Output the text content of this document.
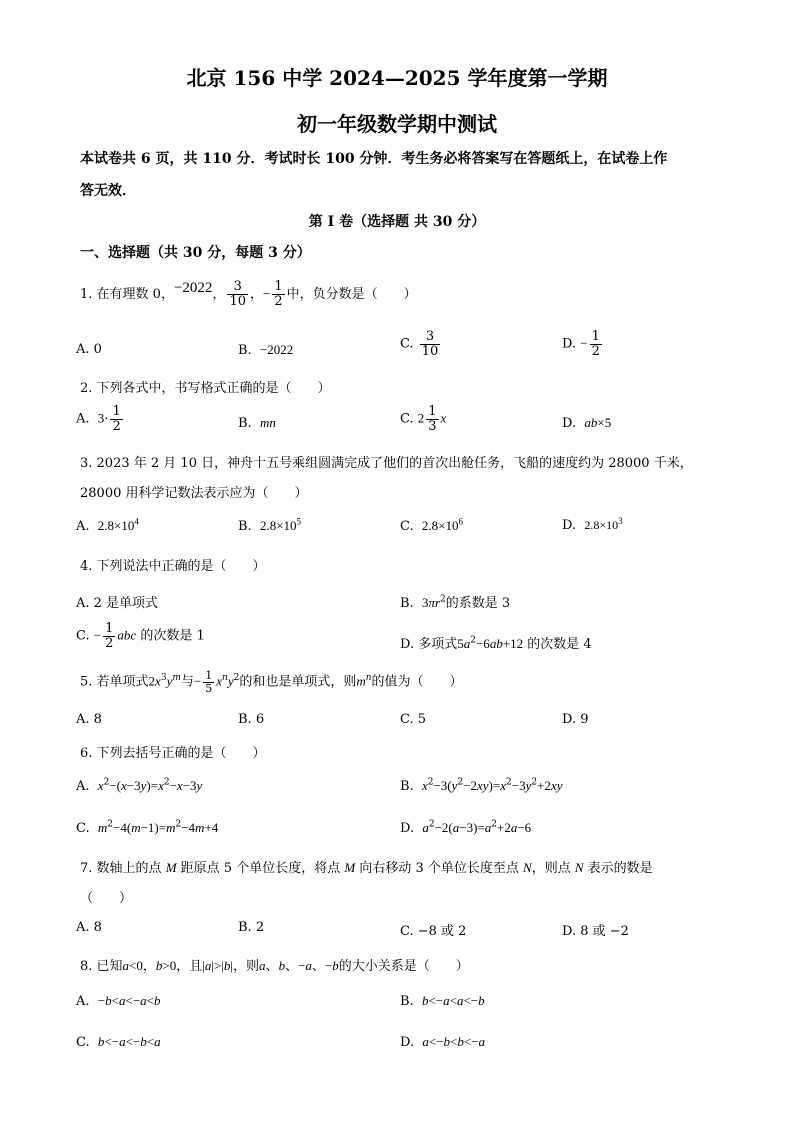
北京 156 中学 2024—2025 学年度第一学期
初一年级数学期中测试
本试卷共 6 页，共 110 分．考试时长 100 分钟．考生务必将答案写在答题纸上，在试卷上作
答无效．
第 I 卷（选择题 共 30 分）
一、选择题（共 30 分，每题 3 分）
1. 在有理数 0，−2022， $\frac{3}{10}$ ，− $\frac{1}{2}$ 中，负分数是（　　）
A. 0	B. −2022	C. $\frac{3}{10}$	D. − $\frac{1}{2}$
2. 下列各式中，书写格式正确的是（　　）
A. $3\cdot \frac{1}{2}$	B. mn	C. $2 \frac{1}{3}$ x	D. ab×5
3. 2023 年 2 月 10 日，神舟十五号乘组圆满完成了他们的首次出舱任务，飞船的速度约为 28000 千米，
28000 用科学记数法表示应为（　　）
A. $2.8\times 10^4$	B. $2.8\times 10^5$	C. $2.8\times 10^6$	D. $2.8\times 10^3$
4. 下列说法中正确的是（　　）
A. 2 是单项式	B. $3\pi r^2$的系数是 3
C. − $\frac{1}{2}$ abc 的次数是 1
D. 多项式$5a^2-6ab+12$ 的次数是 4
5. 若单项式$2x^3y^m$与− $\frac{1}{5} x^ny^2$的和也是单项式，则$m^n$的值为（　　）
A. 8	B. 6	C. 5	D. 9
6. 下列去括号正确的是（　　）
A. $x^2-(x-3y)=x^2-x-3y$	B. $x^2-3(y^2-2xy)=x^2-3y^2+2xy$
C. $m^2-4(m-1)=m^2-4m+4$	D. $a^2-2(a-3)=a^2+2a-6$
7. 数轴上的点 M 距原点 5 个单位长度，将点 M 向右移动 3 个单位长度至点 N，则点 N 表示的数是
（　　）
A. 8	B. 2	C. −8 或 2	D. 8 或 −2
8. 已知a<0，b>0，且|a|>|b|，则a、b、−a、−b的大小关系是（　　）
A. −b<a<−a<b	B. b<−a<a<−b
C. b<−a<−b<a	D. a<−b<b<−a
